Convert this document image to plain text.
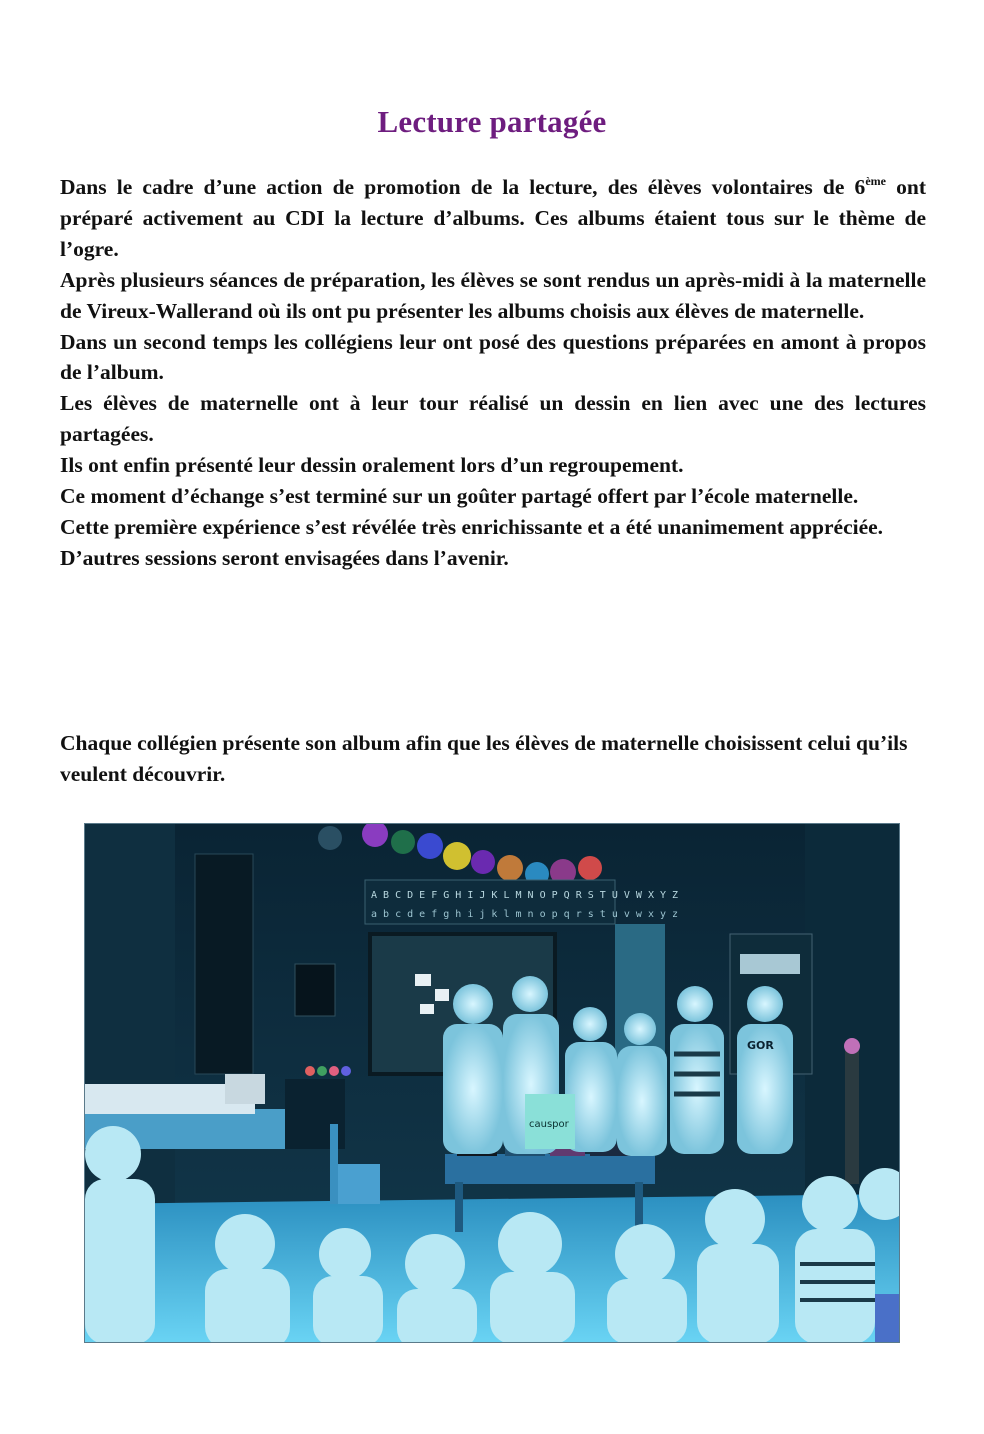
Lecture partagée

Dans le cadre d’une action de promotion de la lecture, des élèves volontaires de 6ème ont préparé activement au CDI la lecture d’albums. Ces albums étaient tous sur le thème de l’ogre.

Après plusieurs séances de préparation, les élèves se sont rendus un après-midi à la maternelle de Vireux-Wallerand où ils ont pu présenter les albums choisis aux élèves de maternelle.

Dans un second temps les collégiens leur ont posé des questions préparées en amont à propos de l’album.

Les élèves de maternelle ont à leur tour réalisé un dessin en lien avec une des lectures partagées.

Ils ont enfin présenté leur dessin oralement lors d’un regroupement.

Ce moment d’échange s’est terminé sur un goûter partagé offert par l’école maternelle.

Cette première expérience s’est révélée très enrichissante et a été unanimement appréciée.

D’autres sessions seront envisagées dans l’avenir.

Chaque collégien présente son album afin que les élèves de maternelle choisissent celui qu’ils veulent découvrir.
A B C D E F G H I J K L M N O P Q R S T U V W X Y Z
a b c d e f g h i j k l m n o p q r s t u v w x y z
GOR
causpor
